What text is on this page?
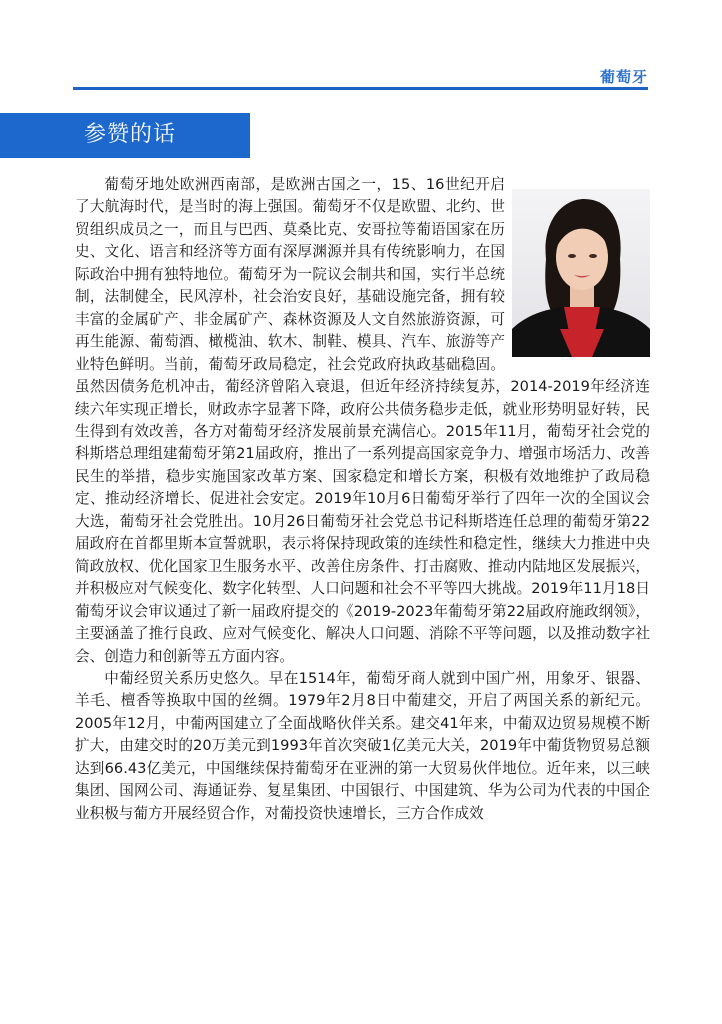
葡萄牙
参赞的话

葡萄牙地处欧洲西南部，是欧洲古国之一，15、16世纪开启了大航海时代，是当时的海上强国。葡萄牙不仅是欧盟、北约、世贸组织成员之一，而且与巴西、莫桑比克、安哥拉等葡语国家在历史、文化、语言和经济等方面有深厚渊源并具有传统影响力，在国际政治中拥有独特地位。葡萄牙为一院议会制共和国，实行半总统制，法制健全，民风淳朴，社会治安良好，基础设施完备，拥有较丰富的金属矿产、非金属矿产、森林资源及人文自然旅游资源，可再生能源、葡萄酒、橄榄油、软木、制鞋、模具、汽车、旅游等产业特色鲜明。当前，葡萄牙政局稳定，社会党政府执政基础稳固。虽然因债务危机冲击，葡经济曾陷入衰退，但近年经济持续复苏，2014-2019年经济连续六年实现正增长，财政赤字显著下降，政府公共债务稳步走低，就业形势明显好转，民生得到有效改善，各方对葡萄牙经济发展前景充满信心。2015年11月，葡萄牙社会党的科斯塔总理组建葡萄牙第21届政府，推出了一系列提高国家竞争力、增强市场活力、改善民生的举措，稳步实施国家改革方案、国家稳定和增长方案，积极有效地维护了政局稳定、推动经济增长、促进社会安定。2019年10月6日葡萄牙举行了四年一次的全国议会大选，葡萄牙社会党胜出。10月26日葡萄牙社会党总书记科斯塔连任总理的葡萄牙第22届政府在首都里斯本宣誓就职，表示将保持现政策的连续性和稳定性，继续大力推进中央简政放权、优化国家卫生服务水平、改善住房条件、打击腐败、推动内陆地区发展振兴，并积极应对气候变化、数字化转型、人口问题和社会不平等四大挑战。2019年11月18日葡萄牙议会审议通过了新一届政府提交的《2019-2023年葡萄牙第22届政府施政纲领》，主要涵盖了推行良政、应对气候变化、解决人口问题、消除不平等问题，以及推动数字社会、创造力和创新等五方面内容。

中葡经贸关系历史悠久。早在1514年，葡萄牙商人就到中国广州，用象牙、银器、羊毛、檀香等换取中国的丝绸。1979年2月8日中葡建交，开启了两国关系的新纪元。2005年12月，中葡两国建立了全面战略伙伴关系。建交41年来，中葡双边贸易规模不断扩大，由建交时的20万美元到1993年首次突破1亿美元大关，2019年中葡货物贸易总额达到66.43亿美元，中国继续保持葡萄牙在亚洲的第一大贸易伙伴地位。近年来，以三峡集团、国网公司、海通证券、复星集团、中国银行、中国建筑、华为公司为代表的中国企业积极与葡方开展经贸合作，对葡投资快速增长，三方合作成效
